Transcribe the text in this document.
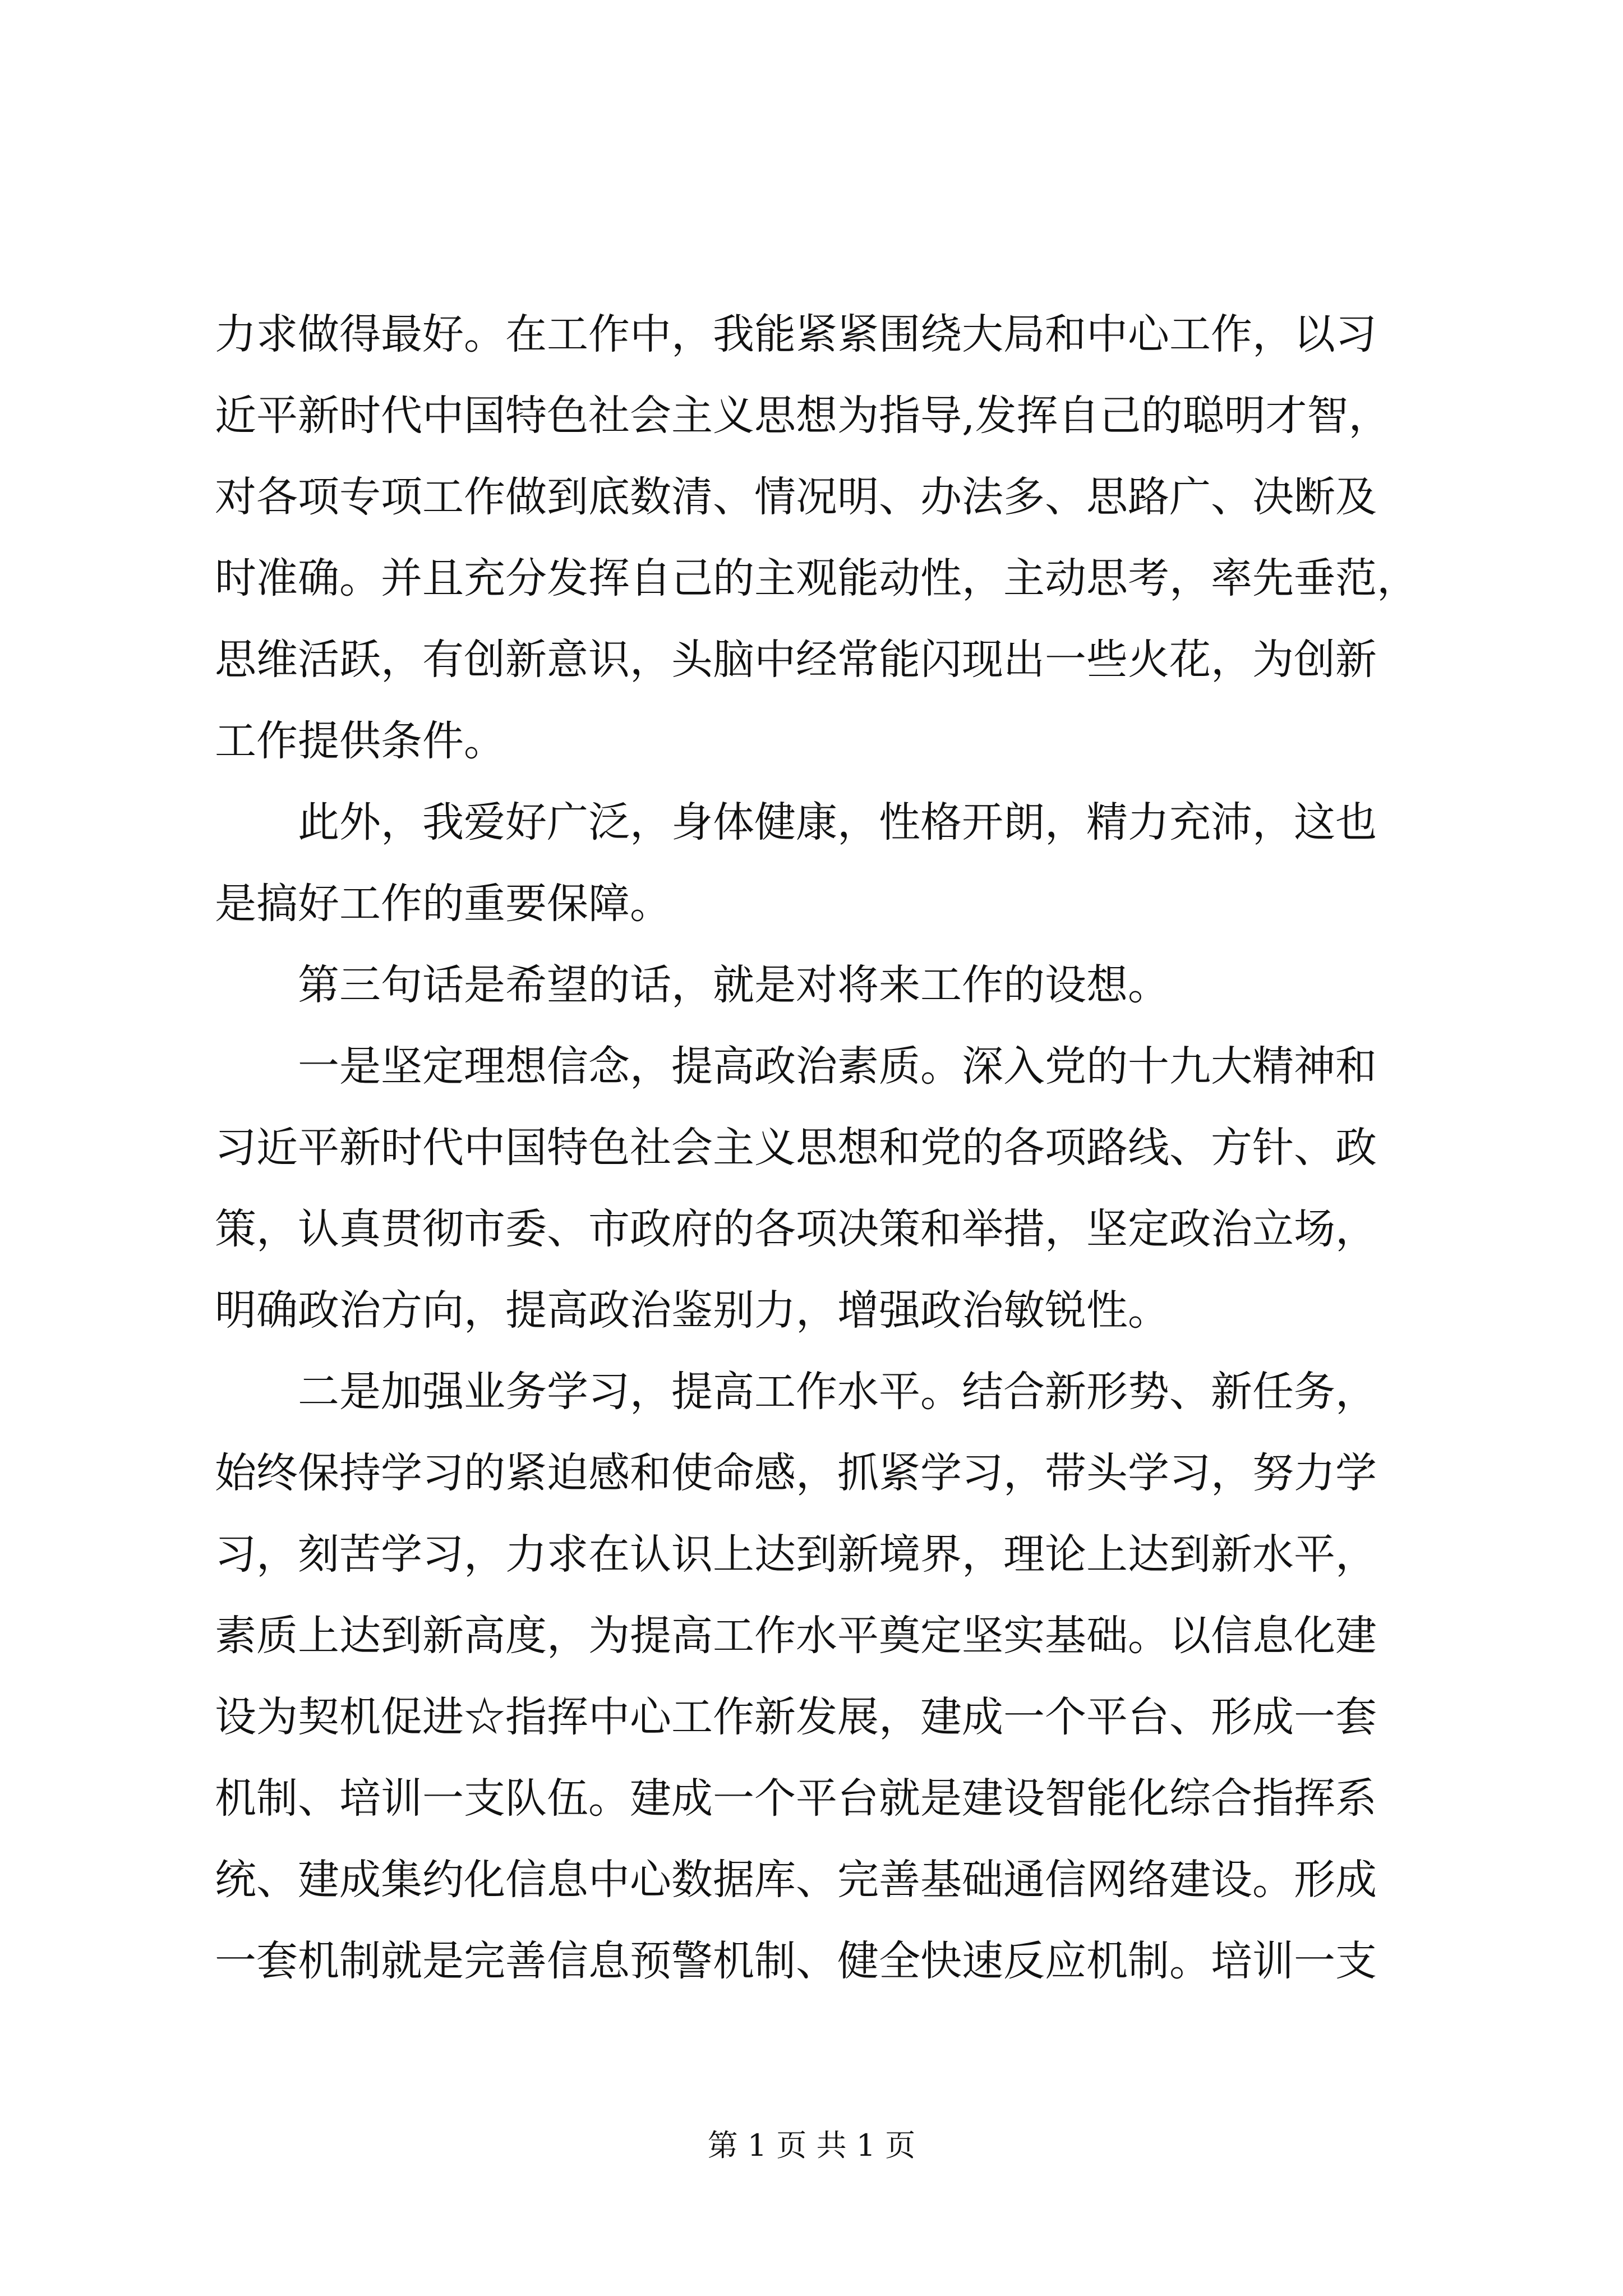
力求做得最好。在工作中，我能紧紧围绕大局和中心工作，以习
近平新时代中国特色社会主义思想为指导,发挥自己的聪明才智，
对各项专项工作做到底数清、情况明、办法多、思路广、决断及
时准确。并且充分发挥自己的主观能动性，主动思考，率先垂范，
思维活跃，有创新意识，头脑中经常能闪现出一些火花，为创新
工作提供条件。
　　此外，我爱好广泛，身体健康，性格开朗，精力充沛，这也
是搞好工作的重要保障。
　　第三句话是希望的话，就是对将来工作的设想。
　　一是坚定理想信念，提高政治素质。深入党的十九大精神和
习近平新时代中国特色社会主义思想和党的各项路线、方针、政
策，认真贯彻市委、市政府的各项决策和举措，坚定政治立场，
明确政治方向，提高政治鉴别力，增强政治敏锐性。
　　二是加强业务学习，提高工作水平。结合新形势、新任务，
始终保持学习的紧迫感和使命感，抓紧学习，带头学习，努力学
习，刻苦学习，力求在认识上达到新境界，理论上达到新水平，
素质上达到新高度，为提高工作水平奠定坚实基础。以信息化建
设为契机促进☆指挥中心工作新发展，建成一个平台、形成一套
机制、培训一支队伍。建成一个平台就是建设智能化综合指挥系
统、建成集约化信息中心数据库、完善基础通信网络建设。形成
一套机制就是完善信息预警机制、健全快速反应机制。培训一支
第 1 页 共 1 页
